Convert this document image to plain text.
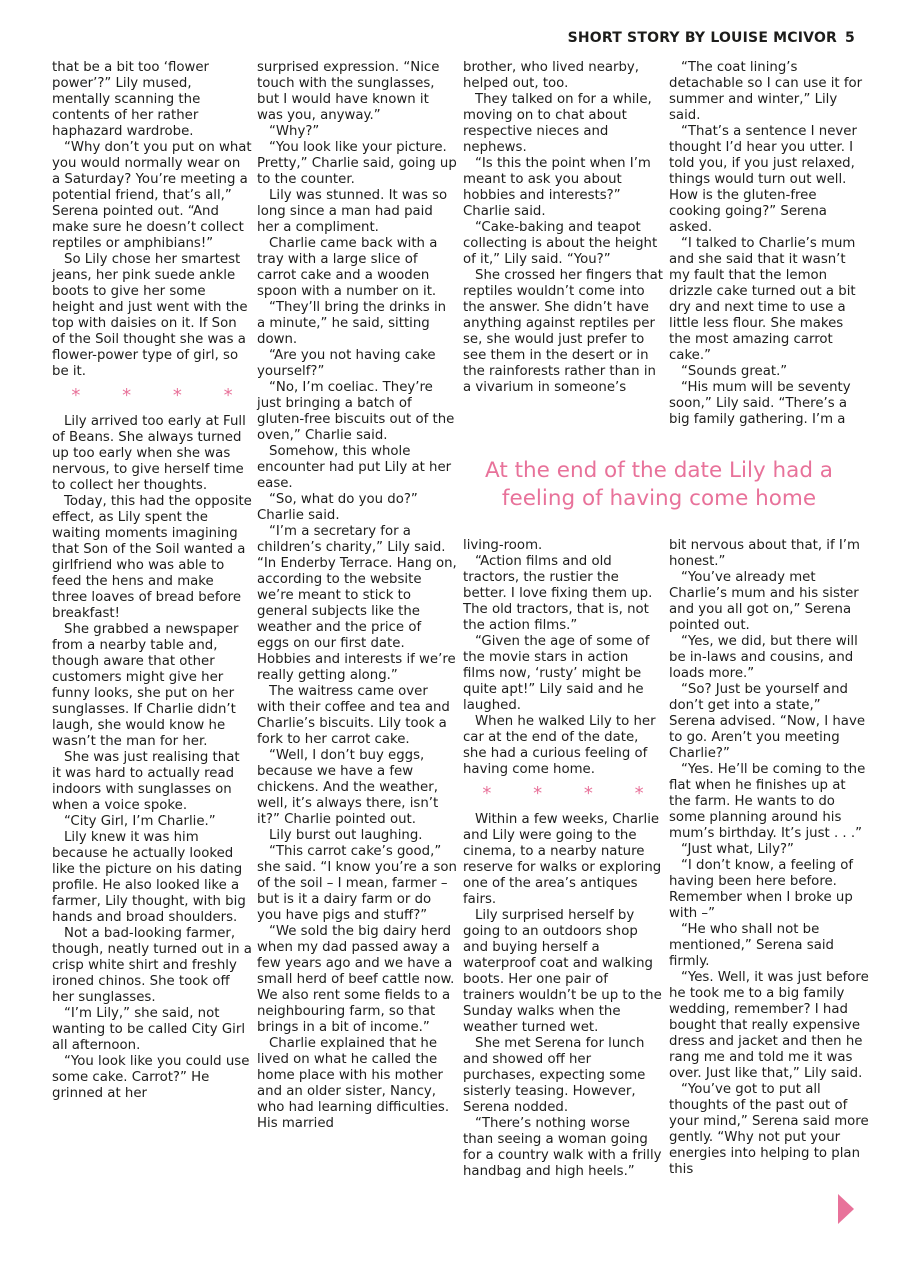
SHORT STORY BY LOUISE MCIVOR 5

that be a bit too ‘flower power’?” Lily mused, mentally scanning the contents of her rather haphazard wardrobe.

“Why don’t you put on what you would normally wear on a Saturday? You’re meeting a potential friend, that’s all,” Serena pointed out. “And make sure he doesn’t collect reptiles or amphibians!”

So Lily chose her smartest jeans, her pink suede ankle boots to give her some height and just went with the top with daisies on it. If Son of the Soil thought she was a flower-power type of girl, so be it.

* * * *

Lily arrived too early at Full of Beans. She always turned up too early when she was nervous, to give herself time to collect her thoughts.

Today, this had the opposite effect, as Lily spent the waiting moments imagining that Son of the Soil wanted a girlfriend who was able to feed the hens and make three loaves of bread before breakfast!

She grabbed a newspaper from a nearby table and, though aware that other customers might give her funny looks, she put on her sunglasses. If Charlie didn’t laugh, she would know he wasn’t the man for her.

She was just realising that it was hard to actually read indoors with sunglasses on when a voice spoke.

“City Girl, I’m Charlie.”

Lily knew it was him because he actually looked like the picture on his dating profile. He also looked like a farmer, Lily thought, with big hands and broad shoulders.

Not a bad-looking farmer, though, neatly turned out in a crisp white shirt and freshly ironed chinos. She took off her sunglasses.

“I’m Lily,” she said, not wanting to be called City Girl all afternoon.

“You look like you could use some cake. Carrot?” He grinned at her

surprised expression. “Nice touch with the sunglasses, but I would have known it was you, anyway.”

“Why?”

“You look like your picture. Pretty,” Charlie said, going up to the counter.

Lily was stunned. It was so long since a man had paid her a compliment.

Charlie came back with a tray with a large slice of carrot cake and a wooden spoon with a number on it.

“They’ll bring the drinks in a minute,” he said, sitting down.

“Are you not having cake yourself?”

“No, I’m coeliac. They’re just bringing a batch of gluten-free biscuits out of the oven,” Charlie said.

Somehow, this whole encounter had put Lily at her ease.

“So, what do you do?” Charlie said.

“I’m a secretary for a children’s charity,” Lily said. “In Enderby Terrace. Hang on, according to the website we’re meant to stick to general subjects like the weather and the price of eggs on our first date. Hobbies and interests if we’re really getting along.”

The waitress came over with their coffee and tea and Charlie’s biscuits. Lily took a fork to her carrot cake.

“Well, I don’t buy eggs, because we have a few chickens. And the weather, well, it’s always there, isn’t it?” Charlie pointed out.

Lily burst out laughing.

“This carrot cake’s good,” she said. “I know you’re a son of the soil – I mean, farmer – but is it a dairy farm or do you have pigs and stuff?”

“We sold the big dairy herd when my dad passed away a few years ago and we have a small herd of beef cattle now. We also rent some fields to a neighbouring farm, so that brings in a bit of income.”

Charlie explained that he lived on what he called the home place with his mother and an older sister, Nancy, who had learning difficulties. His married

brother, who lived nearby, helped out, too.

They talked on for a while, moving on to chat about respective nieces and nephews.

“Is this the point when I’m meant to ask you about hobbies and interests?” Charlie said.

“Cake-baking and teapot collecting is about the height of it,” Lily said. “You?”

She crossed her fingers that reptiles wouldn’t come into the answer. She didn’t have anything against reptiles per se, she would just prefer to see them in the desert or in the rainforests rather than in a vivarium in someone’s

“The coat lining’s detachable so I can use it for summer and winter,” Lily said.

“That’s a sentence I never thought I’d hear you utter. I told you, if you just relaxed, things would turn out well. How is the gluten-free cooking going?” Serena asked.

“I talked to Charlie’s mum and she said that it wasn’t my fault that the lemon drizzle cake turned out a bit dry and next time to use a little less flour. She makes the most amazing carrot cake.”

“Sounds great.”

“His mum will be seventy soon,” Lily said. “There’s a big family gathering. I’m a

At the end of the date Lily had a feeling of having come home

living-room.

“Action films and old tractors, the rustier the better. I love fixing them up. The old tractors, that is, not the action films.”

“Given the age of some of the movie stars in action films now, ‘rusty’ might be quite apt!” Lily said and he laughed.

When he walked Lily to her car at the end of the date, she had a curious feeling of having come home.

* * * *

Within a few weeks, Charlie and Lily were going to the cinema, to a nearby nature reserve for walks or exploring one of the area’s antiques fairs.

Lily surprised herself by going to an outdoors shop and buying herself a waterproof coat and walking boots. Her one pair of trainers wouldn’t be up to the Sunday walks when the weather turned wet.

She met Serena for lunch and showed off her purchases, expecting some sisterly teasing. However, Serena nodded.

“There’s nothing worse than seeing a woman going for a country walk with a frilly handbag and high heels.”

bit nervous about that, if I’m honest.”

“You’ve already met Charlie’s mum and his sister and you all got on,” Serena pointed out.

“Yes, we did, but there will be in-laws and cousins, and loads more.”

“So? Just be yourself and don’t get into a state,” Serena advised. “Now, I have to go. Aren’t you meeting Charlie?”

“Yes. He’ll be coming to the flat when he finishes up at the farm. He wants to do some planning around his mum’s birthday. It’s just . . .”

“Just what, Lily?”

“I don’t know, a feeling of having been here before. Remember when I broke up with –”

“He who shall not be mentioned,” Serena said firmly.

“Yes. Well, it was just before he took me to a big family wedding, remember? I had bought that really expensive dress and jacket and then he rang me and told me it was over. Just like that,” Lily said.

“You’ve got to put all thoughts of the past out of your mind,” Serena said more gently. “Why not put your energies into helping to plan this
